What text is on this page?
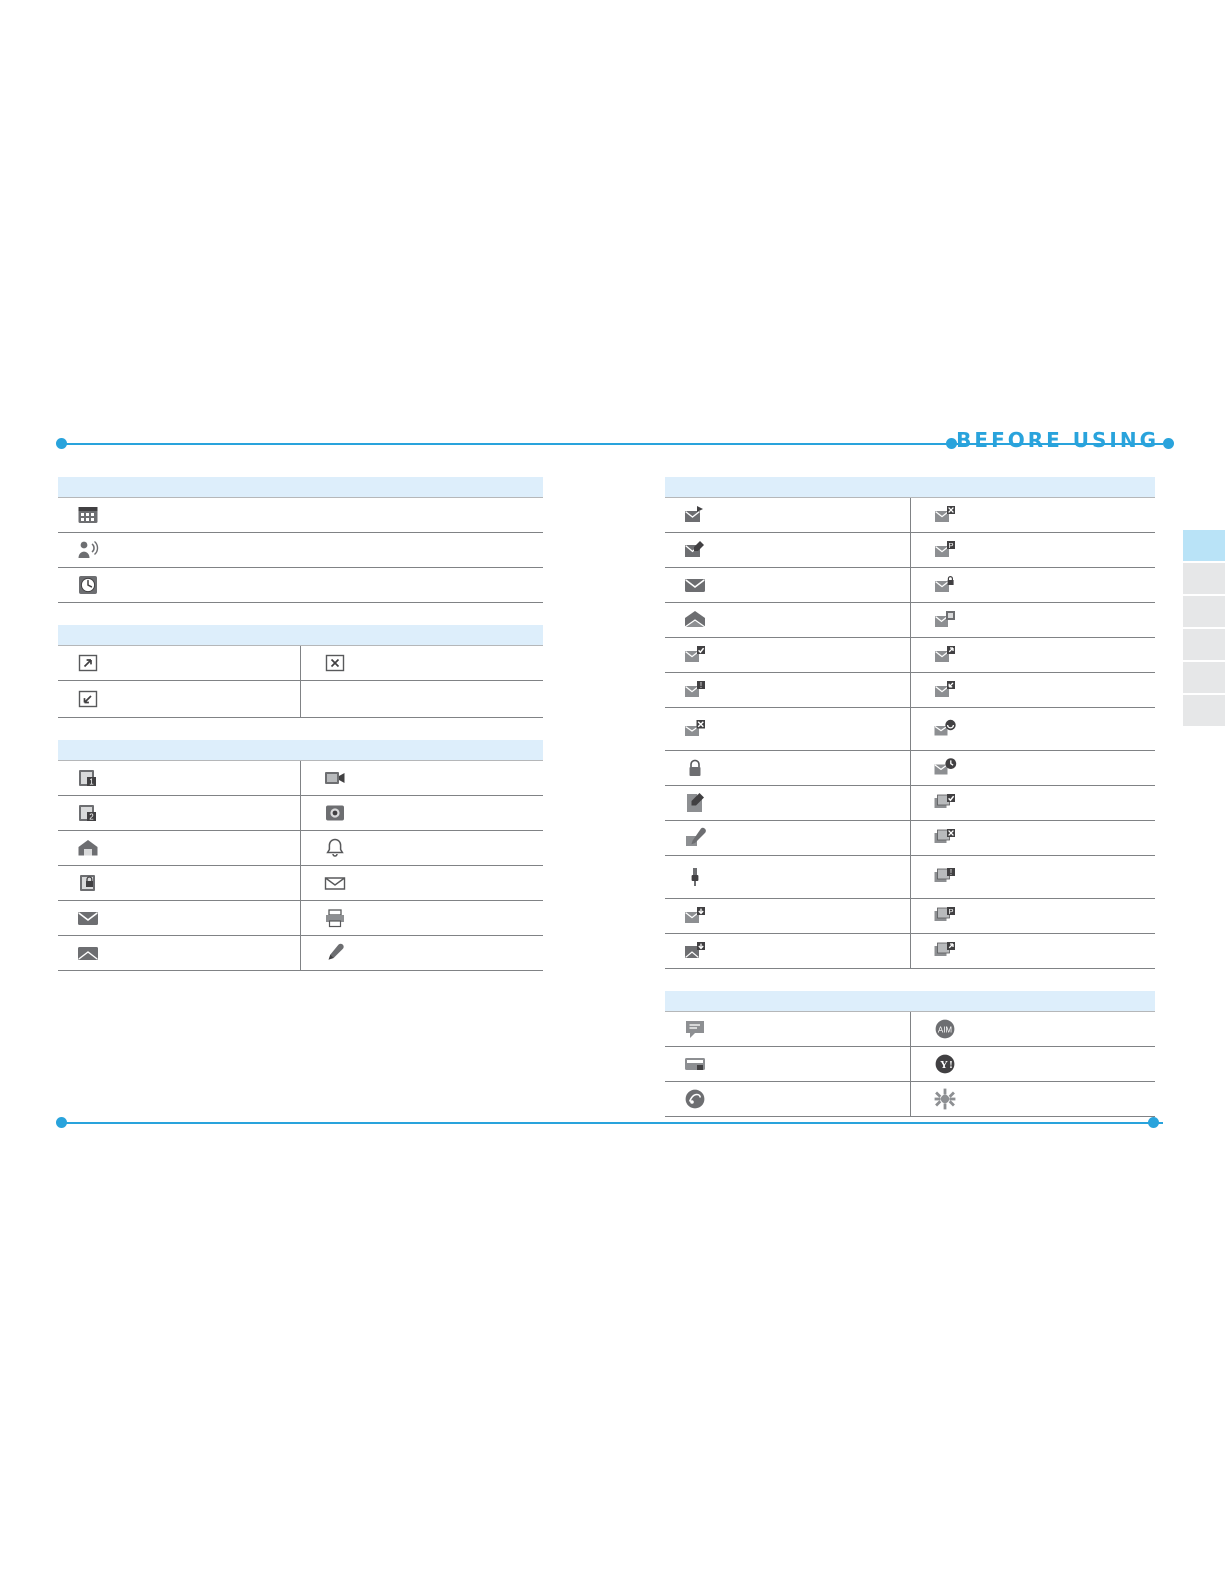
BEFORE USING
